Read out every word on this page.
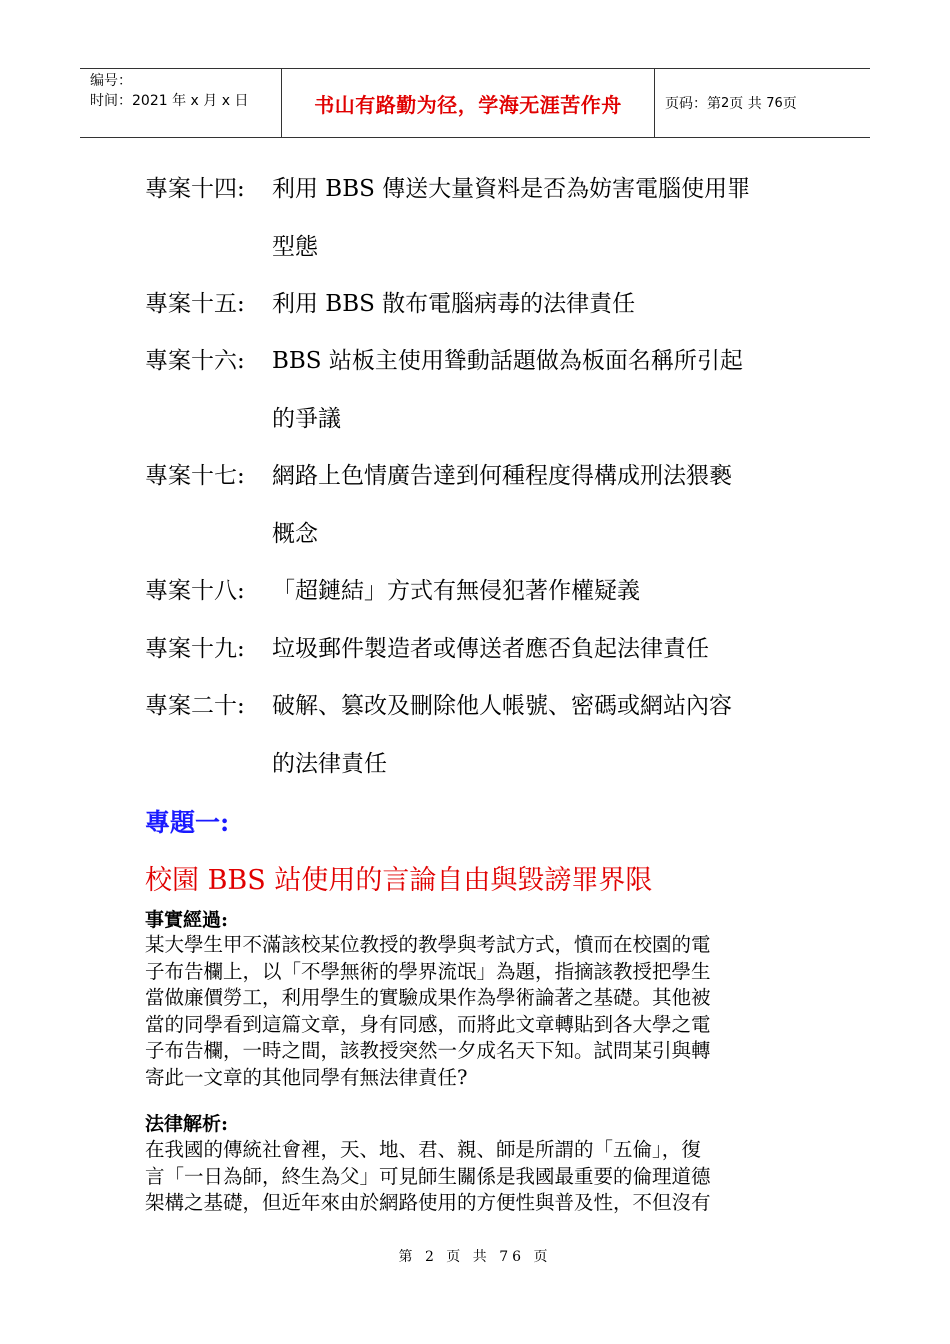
编号：
时间：2021 年 x 月 x 日	书山有路勤为径，学海无涯苦作舟	页码：第 2 页 共
76 页
專案十四: 利用 BBS 傳送大量資料是否為妨害電腦使用罪
型態
專案十五: 利用 BBS 散布電腦病毒的法律責任
專案十六: BBS 站板主使用聳動話題做為板面名稱所引起
的爭議
專案十七: 網路上色情廣告達到何種程度得構成刑法猥褻
概念
專案十八: 「超鏈結」方式有無侵犯著作權疑義
專案十九: 垃圾郵件製造者或傳送者應否負起法律責任
專案二十: 破解、篡改及刪除他人帳號、密碼或網站內容
的法律責任
專題一:
校園 BBS 站使用的言論自由與毀謗罪界限
事實經過:
某大學生甲不滿該校某位教授的教學與考試方式，憤而在校園的電
子布告欄上，以「不學無術的學界流氓」為題，指摘該教授把學生
當做廉價勞工，利用學生的實驗成果作為學術論著之基礎。其他被
當的同學看到這篇文章，身有同感，而將此文章轉貼到各大學之電
子布告欄，一時之間，該教授突然一夕成名天下知。試問某引與轉
寄此一文章的其他同學有無法律責任?
法律解析:
在我國的傳統社會裡，天、地、君、親、師是所謂的「五倫」，復
言「一日為師，終生為父」可見師生關係是我國最重要的倫理道德
架構之基礎，但近年來由於網路使用的方便性與普及性，不但沒有
第 2 页 共 76 页
